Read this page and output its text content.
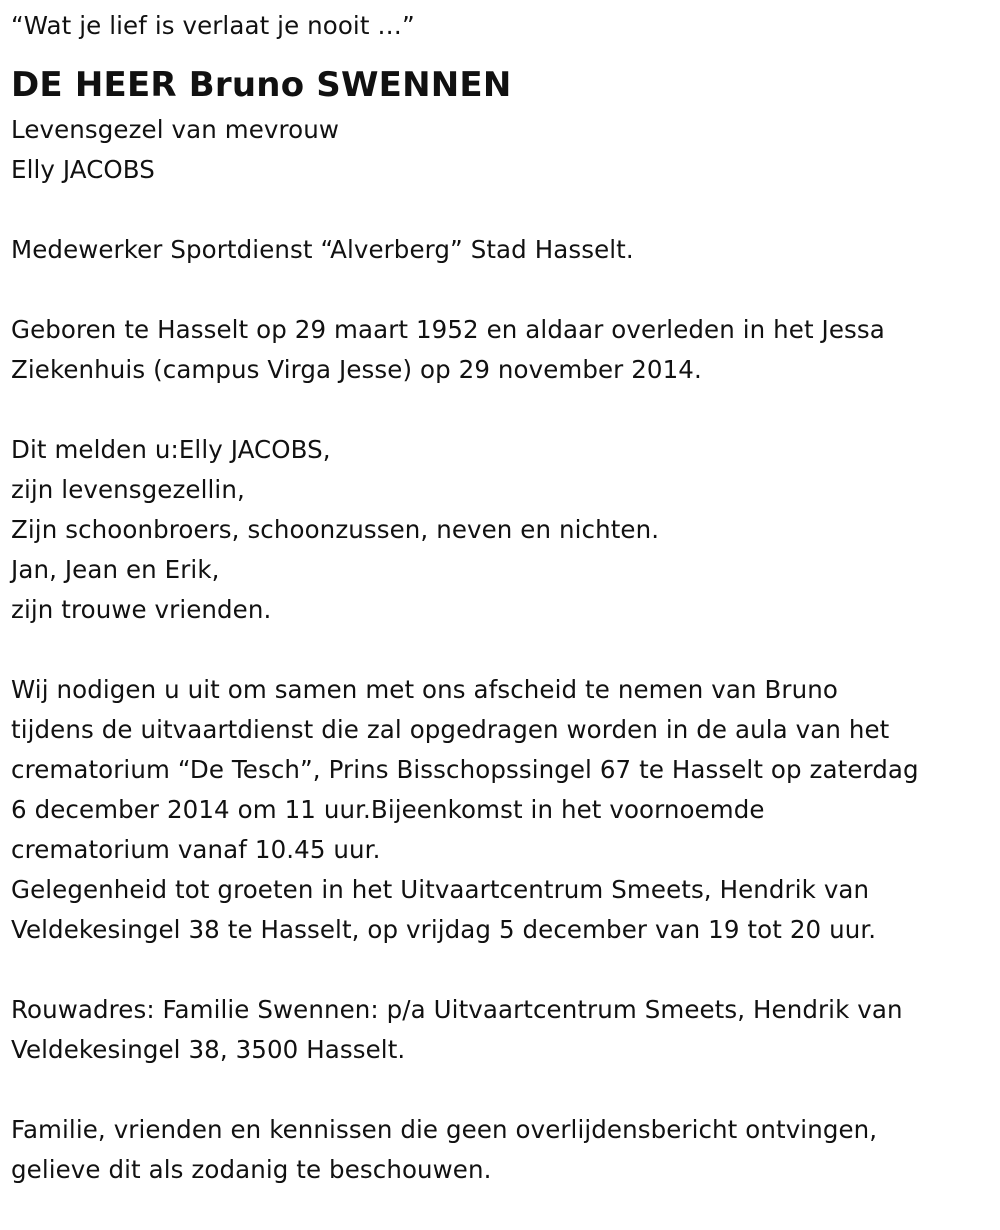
“Wat je lief is verlaat je nooit …”
DE HEER Bruno SWENNEN
Levensgezel van mevrouw
Elly JACOBS
Medewerker Sportdienst “Alverberg” Stad Hasselt.
Geboren te Hasselt op 29 maart 1952 en aldaar overleden in het Jessa
Ziekenhuis (campus Virga Jesse) op 29 november 2014.
Dit melden u:Elly JACOBS,
zijn levensgezellin,
Zijn schoonbroers, schoonzussen, neven en nichten.
Jan, Jean en Erik,
zijn trouwe vrienden.
Wij nodigen u uit om samen met ons afscheid te nemen van Bruno
tijdens de uitvaartdienst die zal opgedragen worden in de aula van het
crematorium “De Tesch”, Prins Bisschopssingel 67 te Hasselt op zaterdag
6 december 2014 om 11 uur.Bijeenkomst in het voornoemde
crematorium vanaf 10.45 uur.
Gelegenheid tot groeten in het Uitvaartcentrum Smeets, Hendrik van
Veldekesingel 38 te Hasselt, op vrijdag 5 december van 19 tot 20 uur.
Rouwadres: Familie Swennen: p/a Uitvaartcentrum Smeets, Hendrik van
Veldekesingel 38, 3500 Hasselt.
Familie, vrienden en kennissen die geen overlijdensbericht ontvingen,
gelieve dit als zodanig te beschouwen.
